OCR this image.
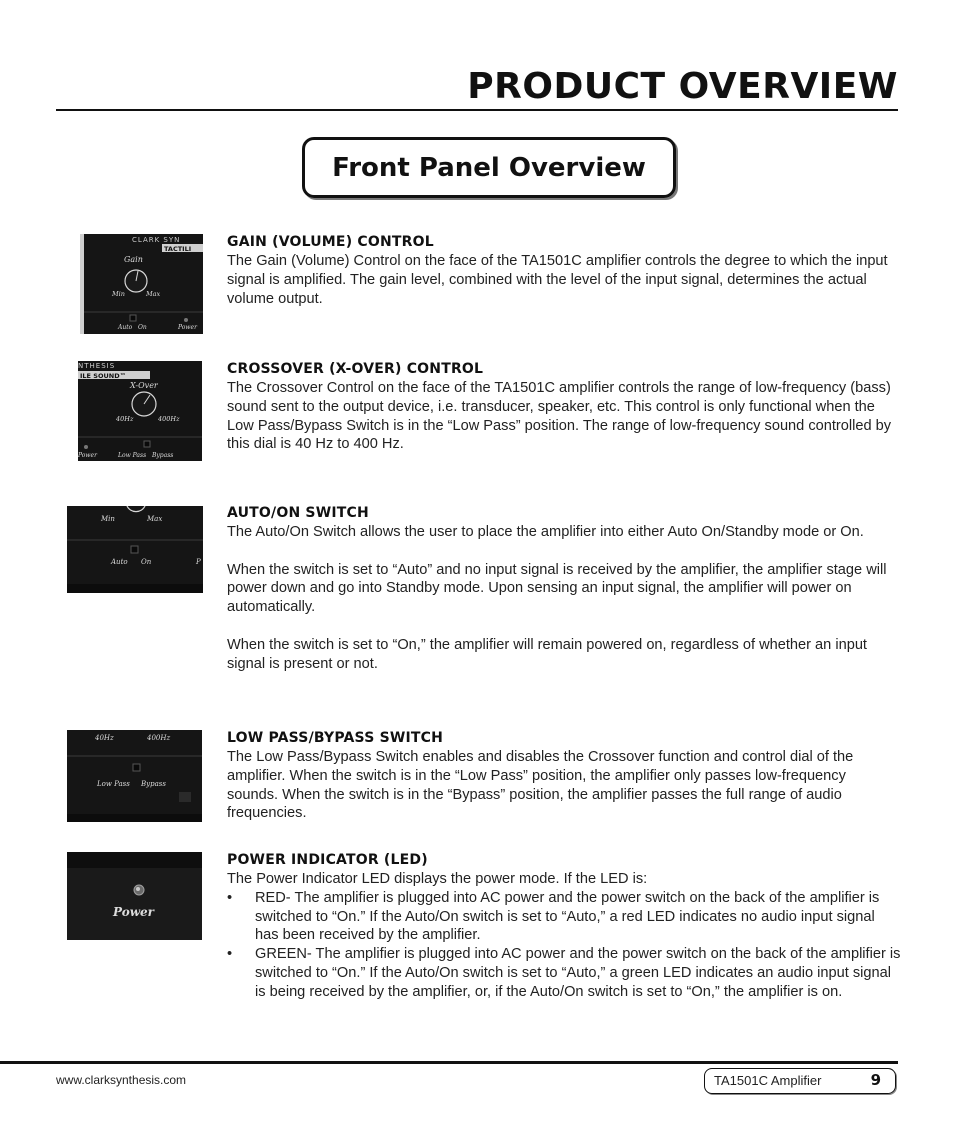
PRODUCT OVERVIEW
Front Panel Overview
CLARK SYN
TACTILI
Gain
Min	Max
Auto On	Power
GAIN (VOLUME) CONTROL

The Gain (Volume) Control on the face of the TA1501C amplifier controls the degree to which the input signal is amplified. The gain level, combined with the level of the input signal, determines the actual volume output.

NTHESIS
ILE SOUND™
X-Over
40Hz	400Hz
Power	Low Pass Bypass
CROSSOVER (X-OVER) CONTROL

The Crossover Control on the face of the TA1501C amplifier controls the range of low-frequency (bass) sound sent to the output device, i.e. transducer, speaker, etc. This control is only functional when the Low Pass/Bypass Switch is in the “Low Pass” position. The range of low-frequency sound controlled by this dial is 40 Hz to 400 Hz.

Min	Max
Auto On	P
AUTO/ON SWITCH

The Auto/On Switch allows the user to place the amplifier into either Auto On/Standby mode or On.

When the switch is set to “Auto” and no input signal is received by the amplifier, the amplifier stage will power down and go into Standby mode. Upon sensing an input signal, the amplifier will power on automatically.

When the switch is set to “On,” the amplifier will remain powered on, regardless of whether an input signal is present or not.

40Hz	400Hz
Low Pass Bypass
LOW PASS/BYPASS SWITCH

The Low Pass/Bypass Switch enables and disables the Crossover function and control dial of the amplifier. When the switch is in the “Low Pass” position, the amplifier only passes low-frequency sounds. When the switch is in the “Bypass” position, the amplifier passes the full range of audio frequencies.

Power
POWER INDICATOR (LED)

The Power Indicator LED displays the power mode. If the LED is:

• RED- The amplifier is plugged into AC power and the power switch on the back of the amplifier is switched to “On.” If the Auto/On switch is set to “Auto,” a red LED indicates no audio input signal has been received by the amplifier.
• GREEN- The amplifier is plugged into AC power and the power switch on the back of the amplifier is switched to “On.” If the Auto/On switch is set to “Auto,” a green LED indicates an audio input signal is being received by the amplifier, or, if the Auto/On switch is set to “On,” the amplifier is on.
www.clarksynthesis.com	TA1501C Amplifier	9
